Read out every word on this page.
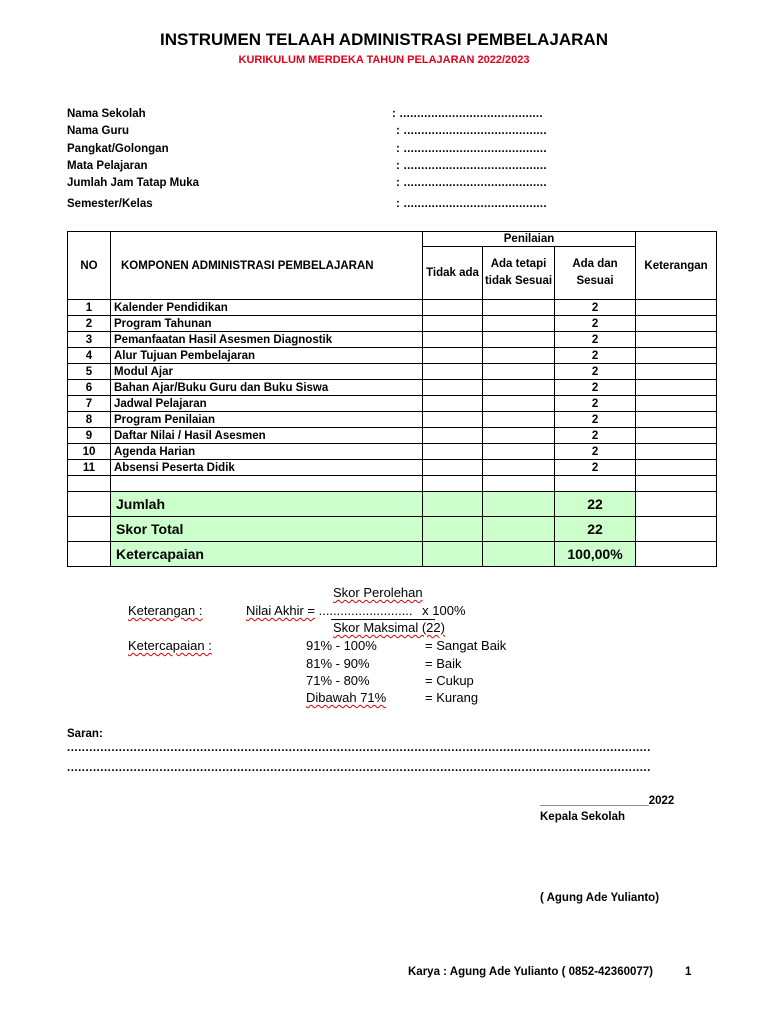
INSTRUMEN TELAAH ADMINISTRASI PEMBELAJARAN
KURIKULUM MERDEKA TAHUN PELAJARAN 2022/2023
Nama Sekolah	: .........................................
Nama Guru	: .........................................
Pangkat/Golongan	: .........................................
Mata Pelajaran	: .........................................
Jumlah Jam Tatap Muka	: .........................................
Semester/Kelas	: .........................................
NO	KOMPONEN ADMINISTRASI PEMBELAJARAN	Penilaian			Keterangan
		Tidak ada	Ada tetapi tidak Sesuai	Ada dan Sesuai	
1	Kalender Pendidikan			2	
2	Program Tahunan			2	
3	Pemanfaatan Hasil Asesmen Diagnostik			2	
4	Alur Tujuan Pembelajaran			2	
5	Modul Ajar			2	
6	Bahan Ajar/Buku Guru dan Buku Siswa			2	
7	Jadwal Pelajaran			2	
8	Program Penilaian			2	
9	Daftar Nilai / Hasil Asesmen			2	
10	Agenda Harian			2	
11	Absensi Peserta Didik			2	

	Jumlah			22	
	Skor Total			22	
	Ketercapaian			100,00%	
Skor Perolehan
Keterangan :	Nilai Akhir = .......................... x 100%
Skor Maksimal (22)
Ketercapaian :	91% - 100%	= Sangat Baik
81% - 90%	= Baik
71% - 80%	= Cukup
Dibawah 71%	= Kurang
Saran:
..............................................................................................................................................................
..............................................................................................................................................................
_________________2022
Kepala Sekolah
( Agung Ade Yulianto)
Karya : Agung Ade Yulianto ( 0852-42360077)	1
